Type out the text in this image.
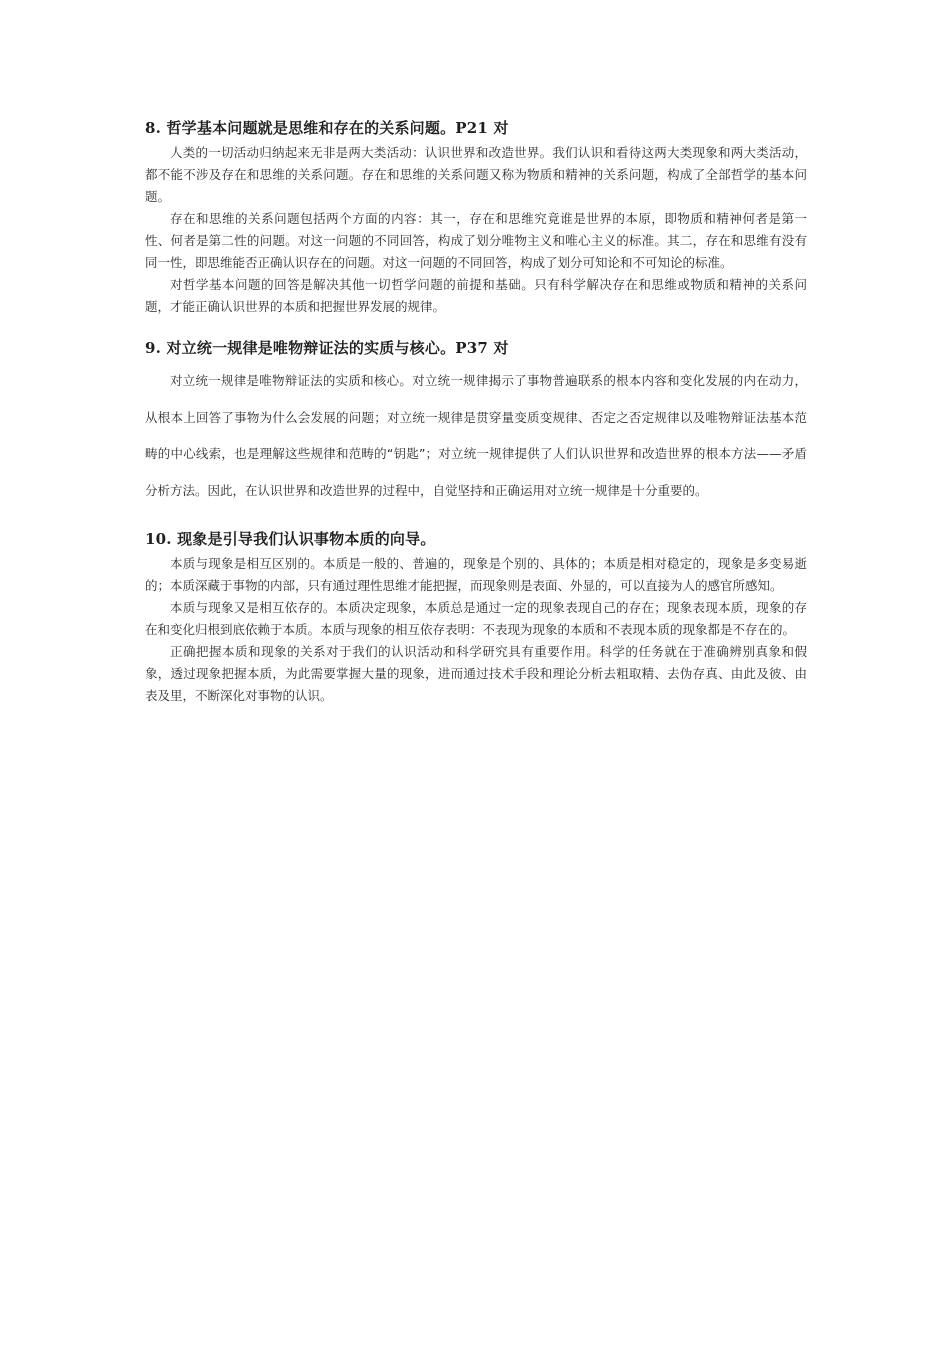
8. 哲学基本问题就是思维和存在的关系问题。P21 对

人类的一切活动归纳起来无非是两大类活动：认识世界和改造世界。我们认识和看待这两大类现象和两大类活动，都不能不涉及存在和思维的关系问题。存在和思维的关系问题又称为物质和精神的关系问题，构成了全部哲学的基本问题。

存在和思维的关系问题包括两个方面的内容：其一，存在和思维究竟谁是世界的本原，即物质和精神何者是第一性、何者是第二性的问题。对这一问题的不同回答，构成了划分唯物主义和唯心主义的标准。其二，存在和思维有没有同一性，即思维能否正确认识存在的问题。对这一问题的不同回答，构成了划分可知论和不可知论的标准。

对哲学基本问题的回答是解决其他一切哲学问题的前提和基础。只有科学解决存在和思维或物质和精神的关系问题，才能正确认识世界的本质和把握世界发展的规律。

9. 对立统一规律是唯物辩证法的实质与核心。P37 对

对立统一规律是唯物辩证法的实质和核心。对立统一规律揭示了事物普遍联系的根本内容和变化发展的内在动力，从根本上回答了事物为什么会发展的问题；对立统一规律是贯穿量变质变规律、否定之否定规律以及唯物辩证法基本范畴的中心线索，也是理解这些规律和范畴的“钥匙”；对立统一规律提供了人们认识世界和改造世界的根本方法——矛盾分析方法。因此，在认识世界和改造世界的过程中，自觉坚持和正确运用对立统一规律是十分重要的。

10. 现象是引导我们认识事物本质的向导。

本质与现象是相互区别的。本质是一般的、普遍的，现象是个别的、具体的；本质是相对稳定的，现象是多变易逝的；本质深藏于事物的内部，只有通过理性思维才能把握，而现象则是表面、外显的，可以直接为人的感官所感知。

本质与现象又是相互依存的。本质决定现象，本质总是通过一定的现象表现自己的存在；现象表现本质，现象的存在和变化归根到底依赖于本质。本质与现象的相互依存表明：不表现为现象的本质和不表现本质的现象都是不存在的。

正确把握本质和现象的关系对于我们的认识活动和科学研究具有重要作用。科学的任务就在于准确辨别真象和假象，透过现象把握本质，为此需要掌握大量的现象，进而通过技术手段和理论分析去粗取精、去伪存真、由此及彼、由表及里，不断深化对事物的认识。
